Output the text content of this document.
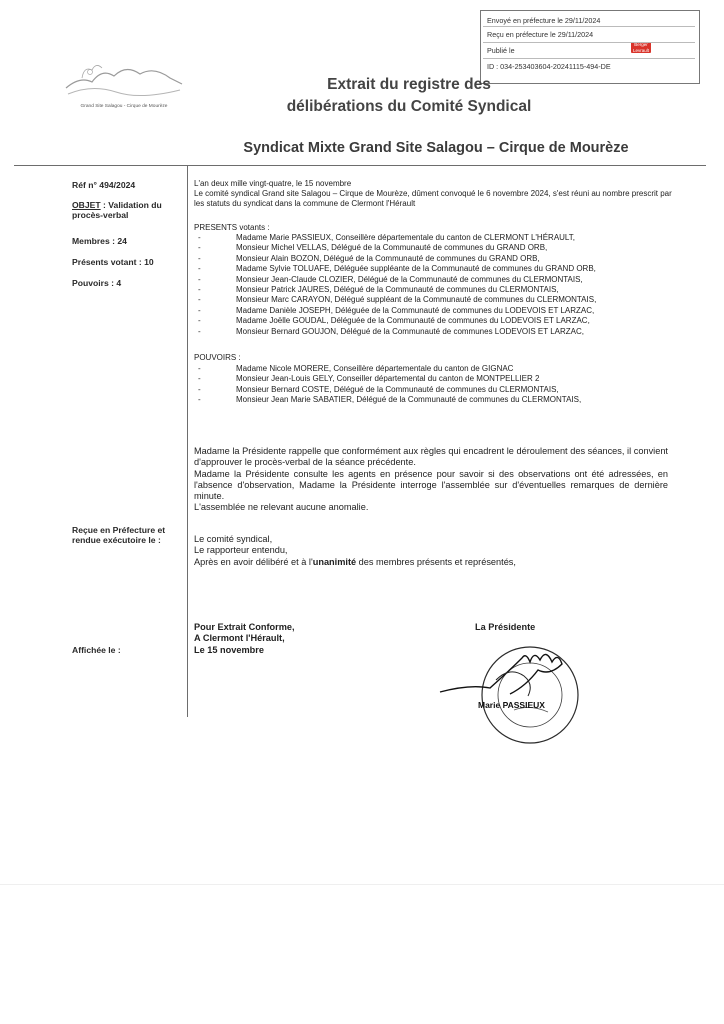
Envoyé en préfecture le 29/11/2024
Reçu en préfecture le 29/11/2024
Berger Levrault
Publié le
ID : 034-253403604-20241115-494-DE
Grand Site Salagou - Cirque de Mourèze
Extrait du registre des
délibérations du Comité Syndical
Syndicat Mixte Grand Site Salagou – Cirque de Mourèze
Réf n° 494/2024
OBJET : Validation du procès-verbal
Membres : 24
Présents votant : 10
Pouvoirs : 4
Reçue en Préfecture et rendue exécutoire le :
Affichée le :
L'an deux mille vingt-quatre, le 15 novembre
Le comité syndical Grand site Salagou – Cirque de Mourèze, dûment convoqué le 6 novembre 2024, s'est réuni au nombre prescrit par les statuts du syndicat dans la commune de Clermont l'Hérault
PRESENTS votants :
-	Madame Marie PASSIEUX, Conseillère départementale du canton de CLERMONT L'HÉRAULT,
-	Monsieur Michel VELLAS, Délégué de la Communauté de communes du GRAND ORB,
-	Monsieur Alain BOZON, Délégué de la Communauté de communes du GRAND ORB,
-	Madame Sylvie TOLUAFE, Déléguée suppléante de la Communauté de communes du GRAND ORB,
-	Monsieur Jean-Claude CLOZIER, Délégué de la Communauté de communes du CLERMONTAIS,
-	Monsieur Patrick JAURES, Délégué de la Communauté de communes du CLERMONTAIS,
-	Monsieur Marc CARAYON, Délégué suppléant de la Communauté de communes du CLERMONTAIS,
-	Madame Danièle JOSEPH, Déléguée de la Communauté de communes du LODEVOIS ET LARZAC,
-	Madame Joëlle GOUDAL, Déléguée de la Communauté de communes du LODEVOIS ET LARZAC,
-	Monsieur Bernard GOUJON, Délégué de la Communauté de communes LODEVOIS ET LARZAC,
POUVOIRS :
-	Madame Nicole MORERE, Conseillère départementale du canton de GIGNAC
-	Monsieur Jean-Louis GELY, Conseiller départemental du canton de MONTPELLIER 2
-	Monsieur Bernard COSTE, Délégué de la Communauté de communes du CLERMONTAIS,
-	Monsieur Jean Marie SABATIER, Délégué de la Communauté de communes du CLERMONTAIS,

Madame la Présidente rappelle que conformément aux règles qui encadrent le déroulement des séances, il convient d'approuver le procès-verbal de la séance précédente.

Madame la Présidente consulte les agents en présence pour savoir si des observations ont été adressées, en l'absence d'observation, Madame la Présidente interroge l'assemblée sur d'éventuelles remarques de dernière minute.

L'assemblée ne relevant aucune anomalie.

Le comité syndical,

Le rapporteur entendu,

Après en avoir délibéré et à l'unanimité des membres présents et représentés,

Pour Extrait Conforme,

A Clermont l'Hérault,

Le 15 novembre

La Présidente
Marie PASSIEUX
